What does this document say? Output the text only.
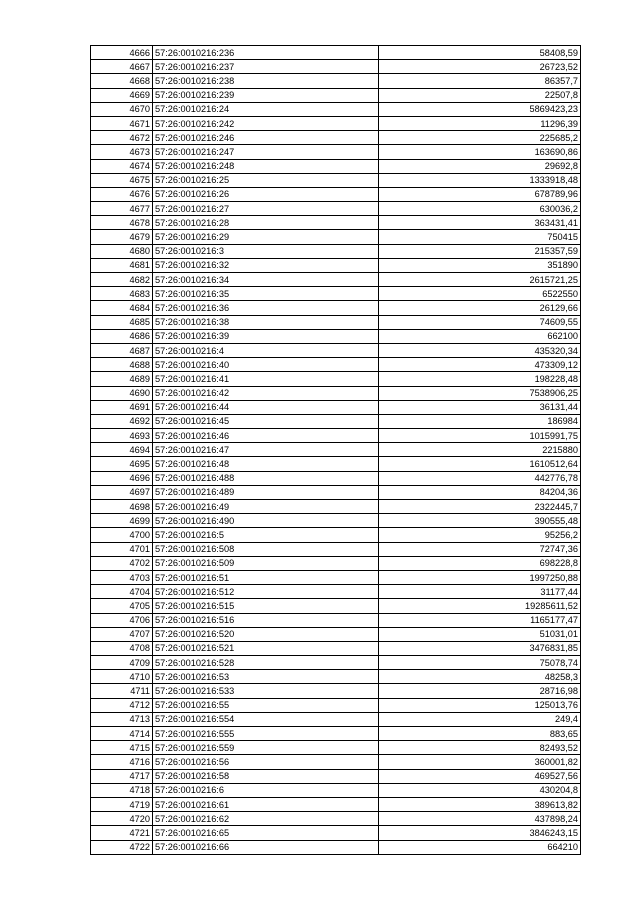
4666	57:26:0010216:236	58408,59
4667	57:26:0010216:237	26723,52
4668	57:26:0010216:238	86357,7
4669	57:26:0010216:239	22507,8
4670	57:26:0010216:24	5869423,23
4671	57:26:0010216:242	11296,39
4672	57:26:0010216:246	225685,2
4673	57:26:0010216:247	163690,86
4674	57:26:0010216:248	29692,8
4675	57:26:0010216:25	1333918,48
4676	57:26:0010216:26	678789,96
4677	57:26:0010216:27	630036,2
4678	57:26:0010216:28	363431,41
4679	57:26:0010216:29	750415
4680	57:26:0010216:3	215357,59
4681	57:26:0010216:32	351890
4682	57:26:0010216:34	2615721,25
4683	57:26:0010216:35	6522550
4684	57:26:0010216:36	26129,66
4685	57:26:0010216:38	74609,55
4686	57:26:0010216:39	662100
4687	57:26:0010216:4	435320,34
4688	57:26:0010216:40	473309,12
4689	57:26:0010216:41	198228,48
4690	57:26:0010216:42	7538906,25
4691	57:26:0010216:44	36131,44
4692	57:26:0010216:45	186984
4693	57:26:0010216:46	1015991,75
4694	57:26:0010216:47	2215880
4695	57:26:0010216:48	1610512,64
4696	57:26:0010216:488	442776,78
4697	57:26:0010216:489	84204,36
4698	57:26:0010216:49	2322445,7
4699	57:26:0010216:490	390555,48
4700	57:26:0010216:5	95256,2
4701	57:26:0010216:508	72747,36
4702	57:26:0010216:509	698228,8
4703	57:26:0010216:51	1997250,88
4704	57:26:0010216:512	31177,44
4705	57:26:0010216:515	19285611,52
4706	57:26:0010216:516	1165177,47
4707	57:26:0010216:520	51031,01
4708	57:26:0010216:521	3476831,85
4709	57:26:0010216:528	75078,74
4710	57:26:0010216:53	48258,3
4711	57:26:0010216:533	28716,98
4712	57:26:0010216:55	125013,76
4713	57:26:0010216:554	249,4
4714	57:26:0010216:555	883,65
4715	57:26:0010216:559	82493,52
4716	57:26:0010216:56	360001,82
4717	57:26:0010216:58	469527,56
4718	57:26:0010216:6	430204,8
4719	57:26:0010216:61	389613,82
4720	57:26:0010216:62	437898,24
4721	57:26:0010216:65	3846243,15
4722	57:26:0010216:66	664210
